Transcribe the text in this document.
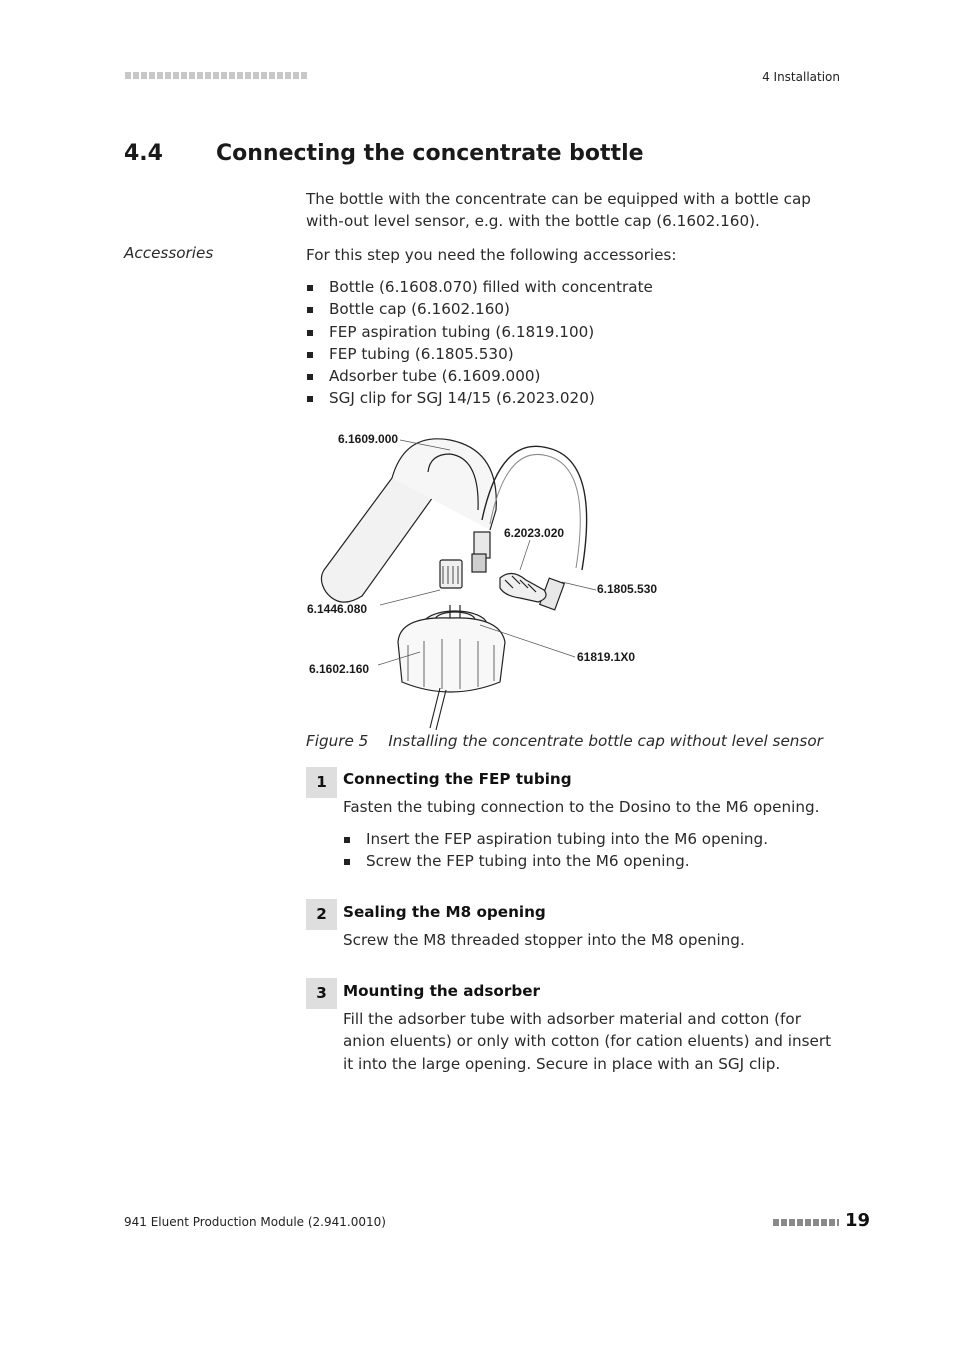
4 Installation
4.4 Connecting the concentrate bottle
The bottle with the concentrate can be equipped with a bottle cap with-out level sensor, e.g. with the bottle cap (6.1602.160).
Accessories	For this step you need the following accessories:
Bottle (6.1608.070) filled with concentrate
Bottle cap (6.1602.160)
FEP aspiration tubing (6.1819.100)
FEP tubing (6.1805.530)
Adsorber tube (6.1609.000)
SGJ clip for SGJ 14/15 (6.2023.020)
6.1609.000
6.2023.020
6.1805.530
6.1446.080
61819.1X0
6.1602.160
Figure 5 Installing the concentrate bottle cap without level sensor
1	Connecting the FEP tubing
Fasten the tubing connection to the Dosino to the M6 opening.
Insert the FEP aspiration tubing into the M6 opening.
Screw the FEP tubing into the M6 opening.
2	Sealing the M8 opening
Screw the M8 threaded stopper into the M8 opening.
3	Mounting the adsorber
Fill the adsorber tube with adsorber material and cotton (for anion eluents) or only with cotton (for cation eluents) and insert it into the large opening. Secure in place with an SGJ clip.
941 Eluent Production Module (2.941.0010)	19
